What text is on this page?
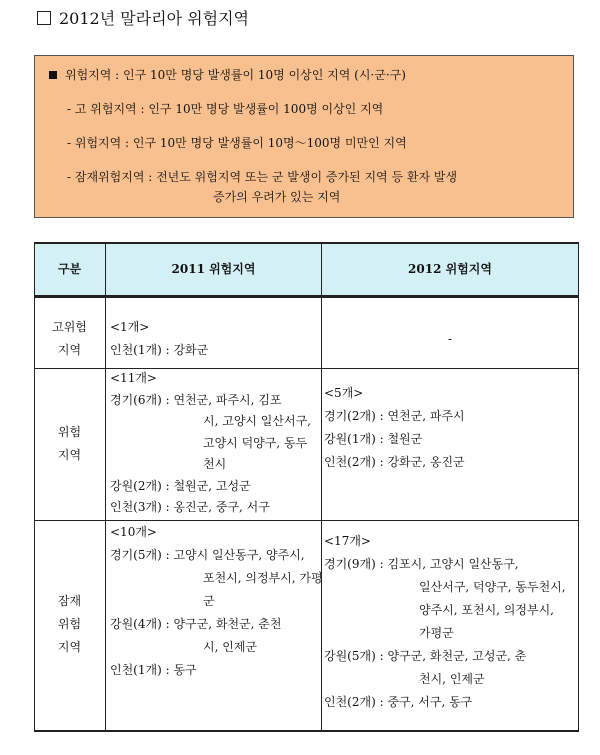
2012년 말라리아 위험지역
위험지역 : 인구 10만 명당 발생률이 10명 이상인 지역 (시·군·구)
- 고 위험지역 : 인구 10만 명당 발생률이 100명 이상인 지역
- 위험지역 : 인구 10만 명당 발생률이 10명～100명 미만인 지역
- 잠재위험지역 : 전년도 위험지역 또는 군 발생이 증가된 지역 등 환자 발생
증가의 우려가 있는 지역
구분	2011 위험지역	2012 위험지역
고위험
지역
<1개>
인천(1개) : 강화군
-
위험
지역
<11개>
경기(6개) : 연천군, 파주시, 김포
시, 고양시 일산서구,
고양시 덕양구, 동두
천시
강원(2개) : 철원군, 고성군
인천(3개) : 옹진군, 중구, 서구
<5개>
경기(2개) : 연천군, 파주시
강원(1개) : 철원군
인천(2개) : 강화군, 옹진군
잠재
위험
지역
<10개>
경기(5개) : 고양시 일산동구, 양주시,
포천시, 의정부시, 가평
군
강원(4개) : 양구군, 화천군, 춘천
시, 인제군
인천(1개) : 동구
<17개>
경기(9개) : 김포시, 고양시 일산동구,
일산서구, 덕양구, 동두천시,
양주시, 포천시, 의정부시,
가평군
강원(5개) : 양구군, 화천군, 고성군, 춘
천시, 인제군
인천(2개) : 중구, 서구, 동구
